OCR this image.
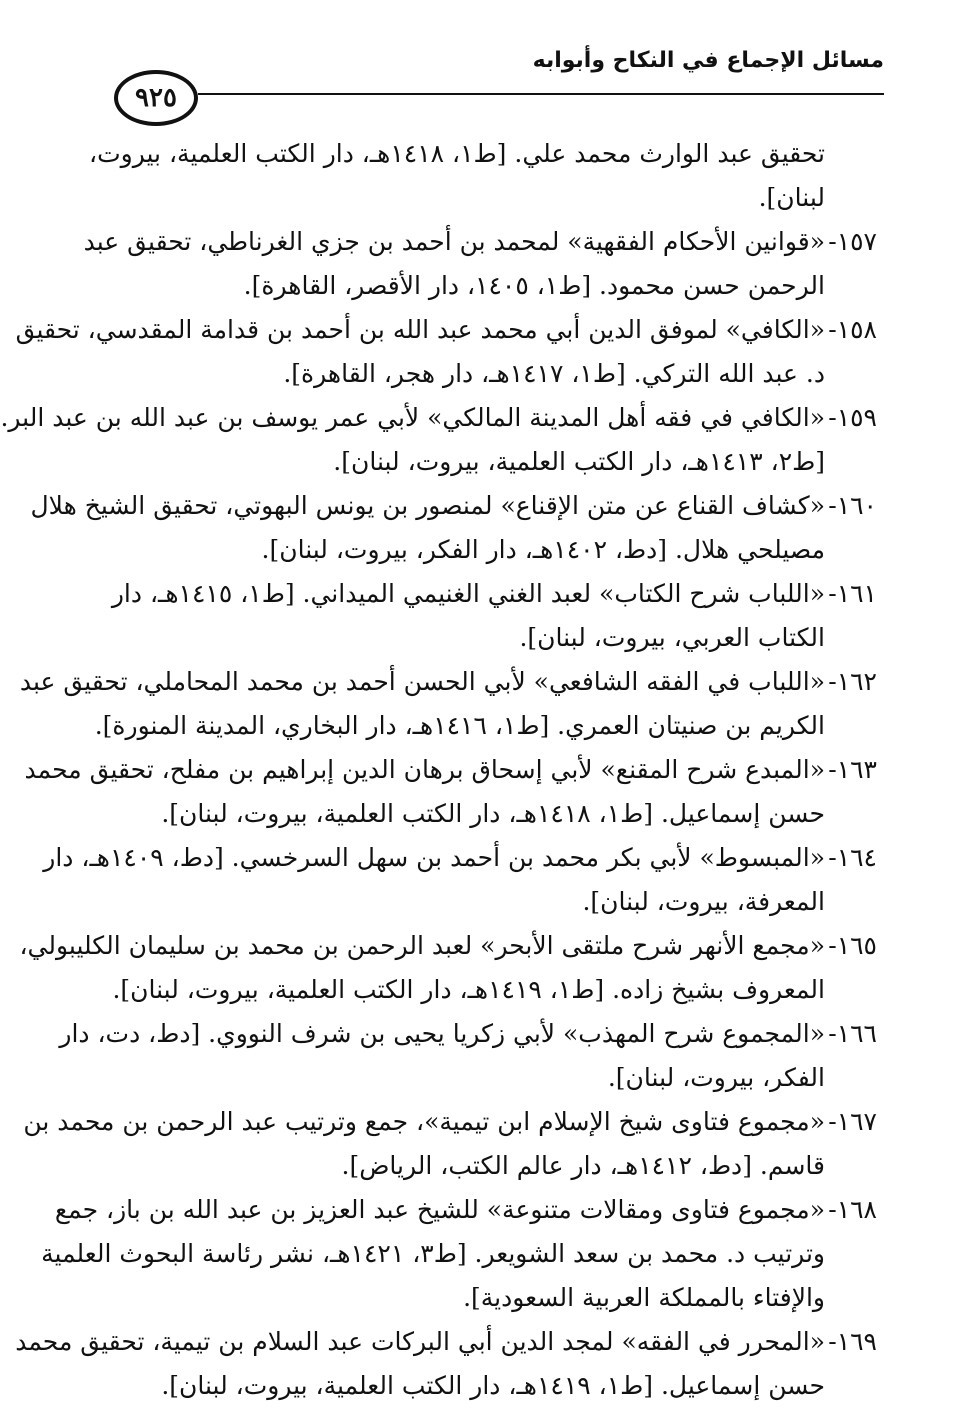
٩٢٥
مسائل الإجماع في النكاح وأبوابه
تحقيق عبد الوارث محمد علي. [ط١، ١٤١٨هـ، دار الكتب العلمية، بيروت،
لبنان].
١٥٧-
«قوانين الأحكام الفقهية» لمحمد بن أحمد بن جزي الغرناطي، تحقيق عبد
الرحمن حسن محمود. [ط١، ١٤٠٥، دار الأقصر، القاهرة].
١٥٨-
«الكافي» لموفق الدين أبي محمد عبد الله بن أحمد بن قدامة المقدسي، تحقيق
د. عبد الله التركي. [ط١، ١٤١٧هـ، دار هجر، القاهرة].
١٥٩-
«الكافي في فقه أهل المدينة المالكي» لأبي عمر يوسف بن عبد الله بن عبد البر.
[ط٢، ١٤١٣هـ، دار الكتب العلمية، بيروت، لبنان].
١٦٠-
«كشاف القناع عن متن الإقناع» لمنصور بن يونس البهوتي، تحقيق الشيخ هلال
مصيلحي هلال. [دط، ١٤٠٢هـ، دار الفكر، بيروت، لبنان].
١٦١-
«اللباب شرح الكتاب» لعبد الغني الغنيمي الميداني. [ط١، ١٤١٥هـ، دار
الكتاب العربي، بيروت، لبنان].
١٦٢-
«اللباب في الفقه الشافعي» لأبي الحسن أحمد بن محمد المحاملي، تحقيق عبد
الكريم بن صنيتان العمري. [ط١، ١٤١٦هـ، دار البخاري، المدينة المنورة].
١٦٣-
«المبدع شرح المقنع» لأبي إسحاق برهان الدين إبراهيم بن مفلح، تحقيق محمد
حسن إسماعيل. [ط١، ١٤١٨هـ، دار الكتب العلمية، بيروت، لبنان].
١٦٤-
«المبسوط» لأبي بكر محمد بن أحمد بن سهل السرخسي. [دط، ١٤٠٩هـ، دار
المعرفة، بيروت، لبنان].
١٦٥-
«مجمع الأنهر شرح ملتقى الأبحر» لعبد الرحمن بن محمد بن سليمان الكليبولي،
المعروف بشيخ زاده. [ط١، ١٤١٩هـ، دار الكتب العلمية، بيروت، لبنان].
١٦٦-
«المجموع شرح المهذب» لأبي زكريا يحيى بن شرف النووي. [دط، دت، دار
الفكر، بيروت، لبنان].
١٦٧-
«مجموع فتاوى شيخ الإسلام ابن تيمية»، جمع وترتيب عبد الرحمن بن محمد بن
قاسم. [دط، ١٤١٢هـ، دار عالم الكتب، الرياض].
١٦٨-
«مجموع فتاوى ومقالات متنوعة» للشيخ عبد العزيز بن عبد الله بن باز، جمع
وترتيب د. محمد بن سعد الشويعر. [ط٣، ١٤٢١هـ، نشر رئاسة البحوث العلمية
والإفتاء بالمملكة العربية السعودية].
١٦٩-
«المحرر في الفقه» لمجد الدين أبي البركات عبد السلام بن تيمية، تحقيق محمد
حسن إسماعيل. [ط١، ١٤١٩هـ، دار الكتب العلمية، بيروت، لبنان].
